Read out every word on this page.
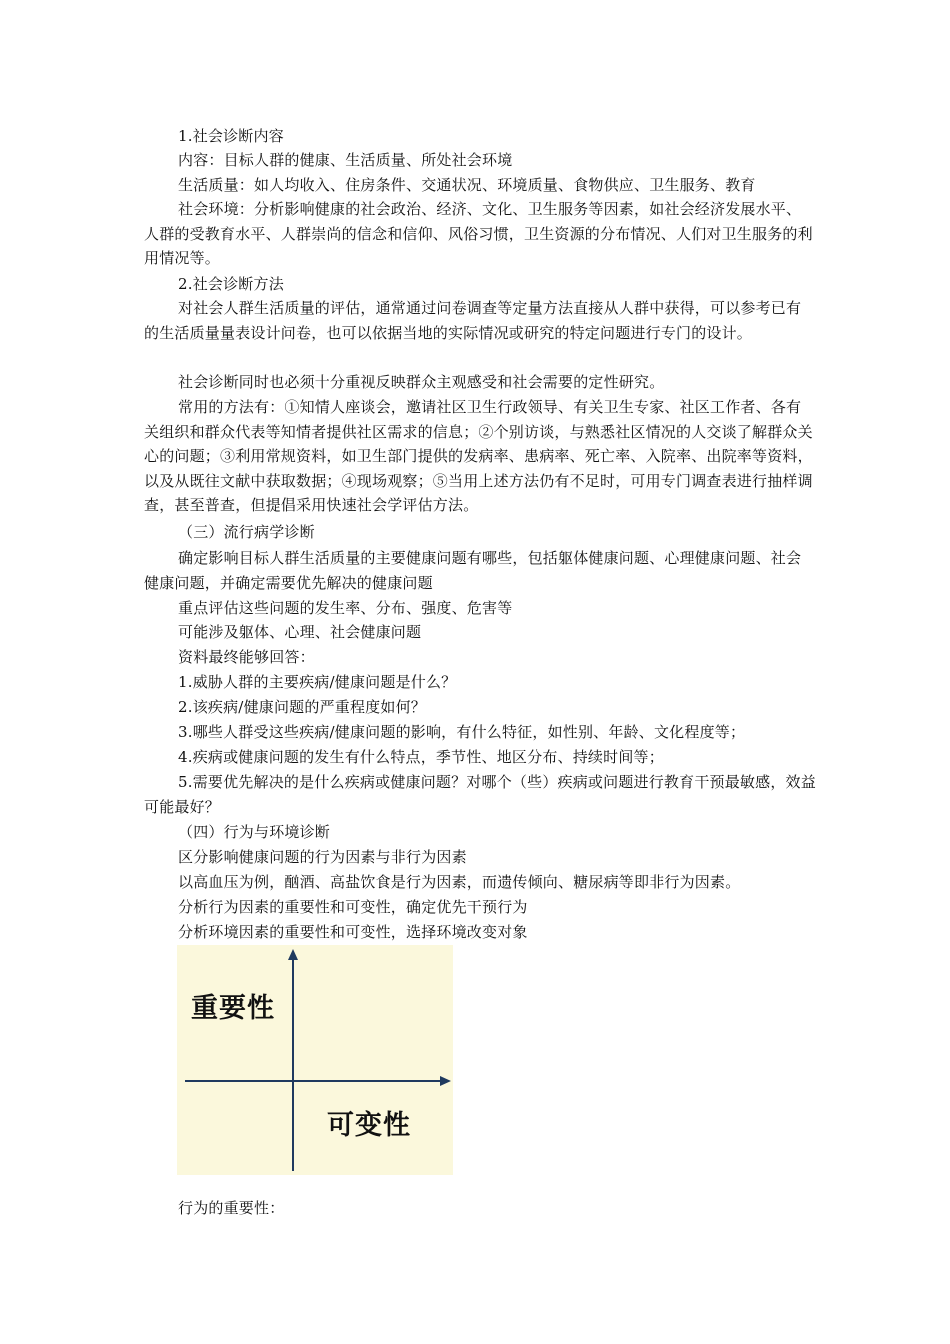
1.社会诊断内容

内容：目标人群的健康、生活质量、所处社会环境

生活质量：如人均收入、住房条件、交通状况、环境质量、食物供应、卫生服务、教育

社会环境：分析影响健康的社会政治、经济、文化、卫生服务等因素，如社会经济发展水平、人群的受教育水平、人群崇尚的信念和信仰、风俗习惯，卫生资源的分布情况、人们对卫生服务的利用情况等。

2.社会诊断方法

对社会人群生活质量的评估，通常通过问卷调查等定量方法直接从人群中获得，可以参考已有的生活质量量表设计问卷，也可以依据当地的实际情况或研究的特定问题进行专门的设计。

社会诊断同时也必须十分重视反映群众主观感受和社会需要的定性研究。

常用的方法有：①知情人座谈会，邀请社区卫生行政领导、有关卫生专家、社区工作者、各有关组织和群众代表等知情者提供社区需求的信息；②个别访谈，与熟悉社区情况的人交谈了解群众关心的问题；③利用常规资料，如卫生部门提供的发病率、患病率、死亡率、入院率、出院率等资料，以及从既往文献中获取数据；④现场观察；⑤当用上述方法仍有不足时，可用专门调查表进行抽样调查，甚至普查，但提倡采用快速社会学评估方法。

（三）流行病学诊断

确定影响目标人群生活质量的主要健康问题有哪些，包括躯体健康问题、心理健康问题、社会健康问题，并确定需要优先解决的健康问题

重点评估这些问题的发生率、分布、强度、危害等

可能涉及躯体、心理、社会健康问题

资料最终能够回答：

1.威胁人群的主要疾病/健康问题是什么？

2.该疾病/健康问题的严重程度如何？

3.哪些人群受这些疾病/健康问题的影响，有什么特征，如性别、年龄、文化程度等；

4.疾病或健康问题的发生有什么特点，季节性、地区分布、持续时间等；

5.需要优先解决的是什么疾病或健康问题？对哪个（些）疾病或问题进行教育干预最敏感，效益可能最好？

（四）行为与环境诊断

区分影响健康问题的行为因素与非行为因素

以高血压为例，酗酒、高盐饮食是行为因素，而遗传倾向、糖尿病等即非行为因素。

分析行为因素的重要性和可变性，确定优先干预行为

分析环境因素的重要性和可变性，选择环境改变对象

重要性
可变性

行为的重要性：
